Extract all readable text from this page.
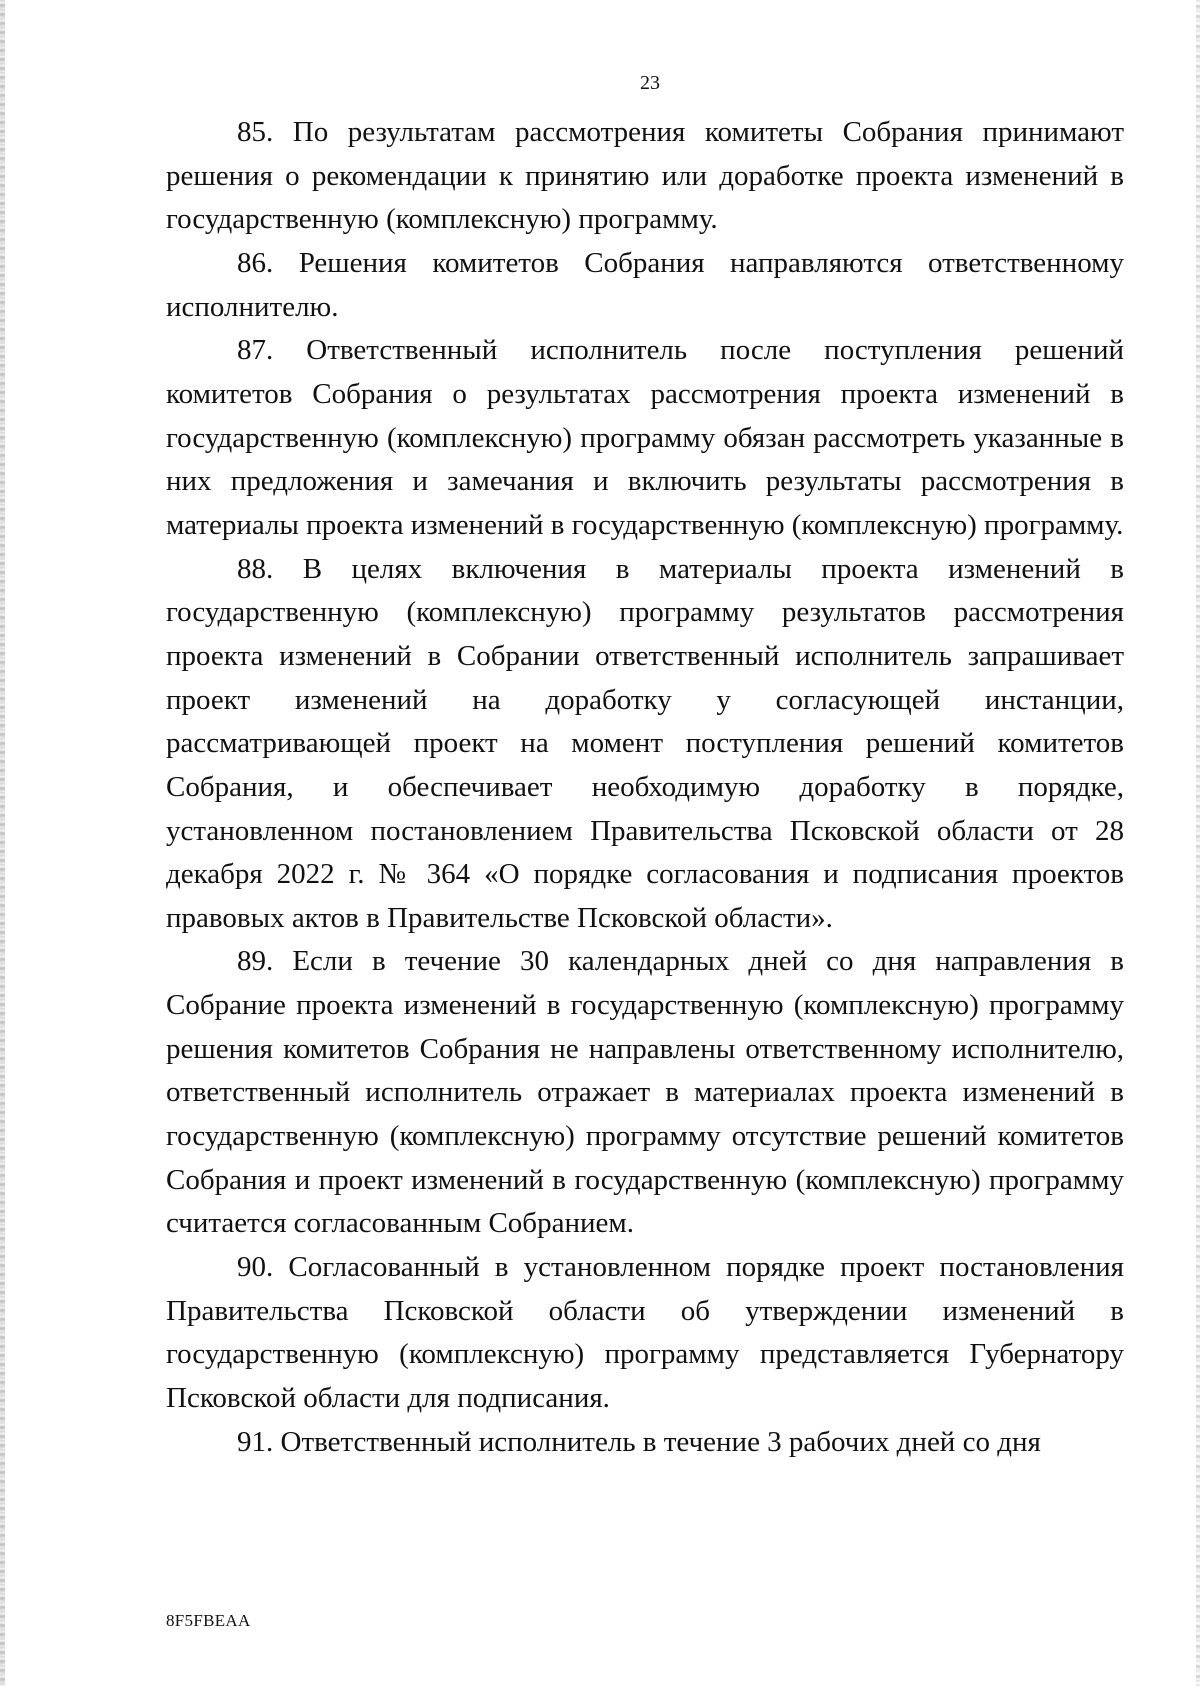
23

85. По результатам рассмотрения комитеты Собрания принимают решения о рекомендации к принятию или доработке проекта изменений в государственную (комплексную) программу.

86. Решения комитетов Собрания направляются ответственному исполнителю.

87. Ответственный исполнитель после поступления решений комитетов Собрания о результатах рассмотрения проекта изменений в государственную (комплексную) программу обязан рассмотреть указанные в них предложения и замечания и включить результаты рассмотрения в материалы проекта изменений в государственную (комплексную) программу.

88. В целях включения в материалы проекта изменений в государственную (комплексную) программу результатов рассмотрения проекта изменений в Собрании ответственный исполнитель запрашивает проект изменений на доработку у согласующей инстанции, рассматривающей проект на момент поступления решений комитетов Собрания, и обеспечивает необходимую доработку в порядке, установленном постановлением Правительства Псковской области от 28 декабря 2022 г. № 364 «О порядке согласования и подписания проектов правовых актов в Правительстве Псковской области».

89. Если в течение 30 календарных дней со дня направления в Собрание проекта изменений в государственную (комплексную) программу решения комитетов Собрания не направлены ответственному исполнителю, ответственный исполнитель отражает в материалах проекта изменений в государственную (комплексную) программу отсутствие решений комитетов Собрания и проект изменений в государственную (комплексную) программу считается согласованным Собранием.

90. Согласованный в установленном порядке проект постановления Правительства Псковской области об утверждении изменений в государственную (комплексную) программу представляется Губернатору Псковской области для подписания.

91. Ответственный исполнитель в течение 3 рабочих дней со дня

8F5FBEAA
